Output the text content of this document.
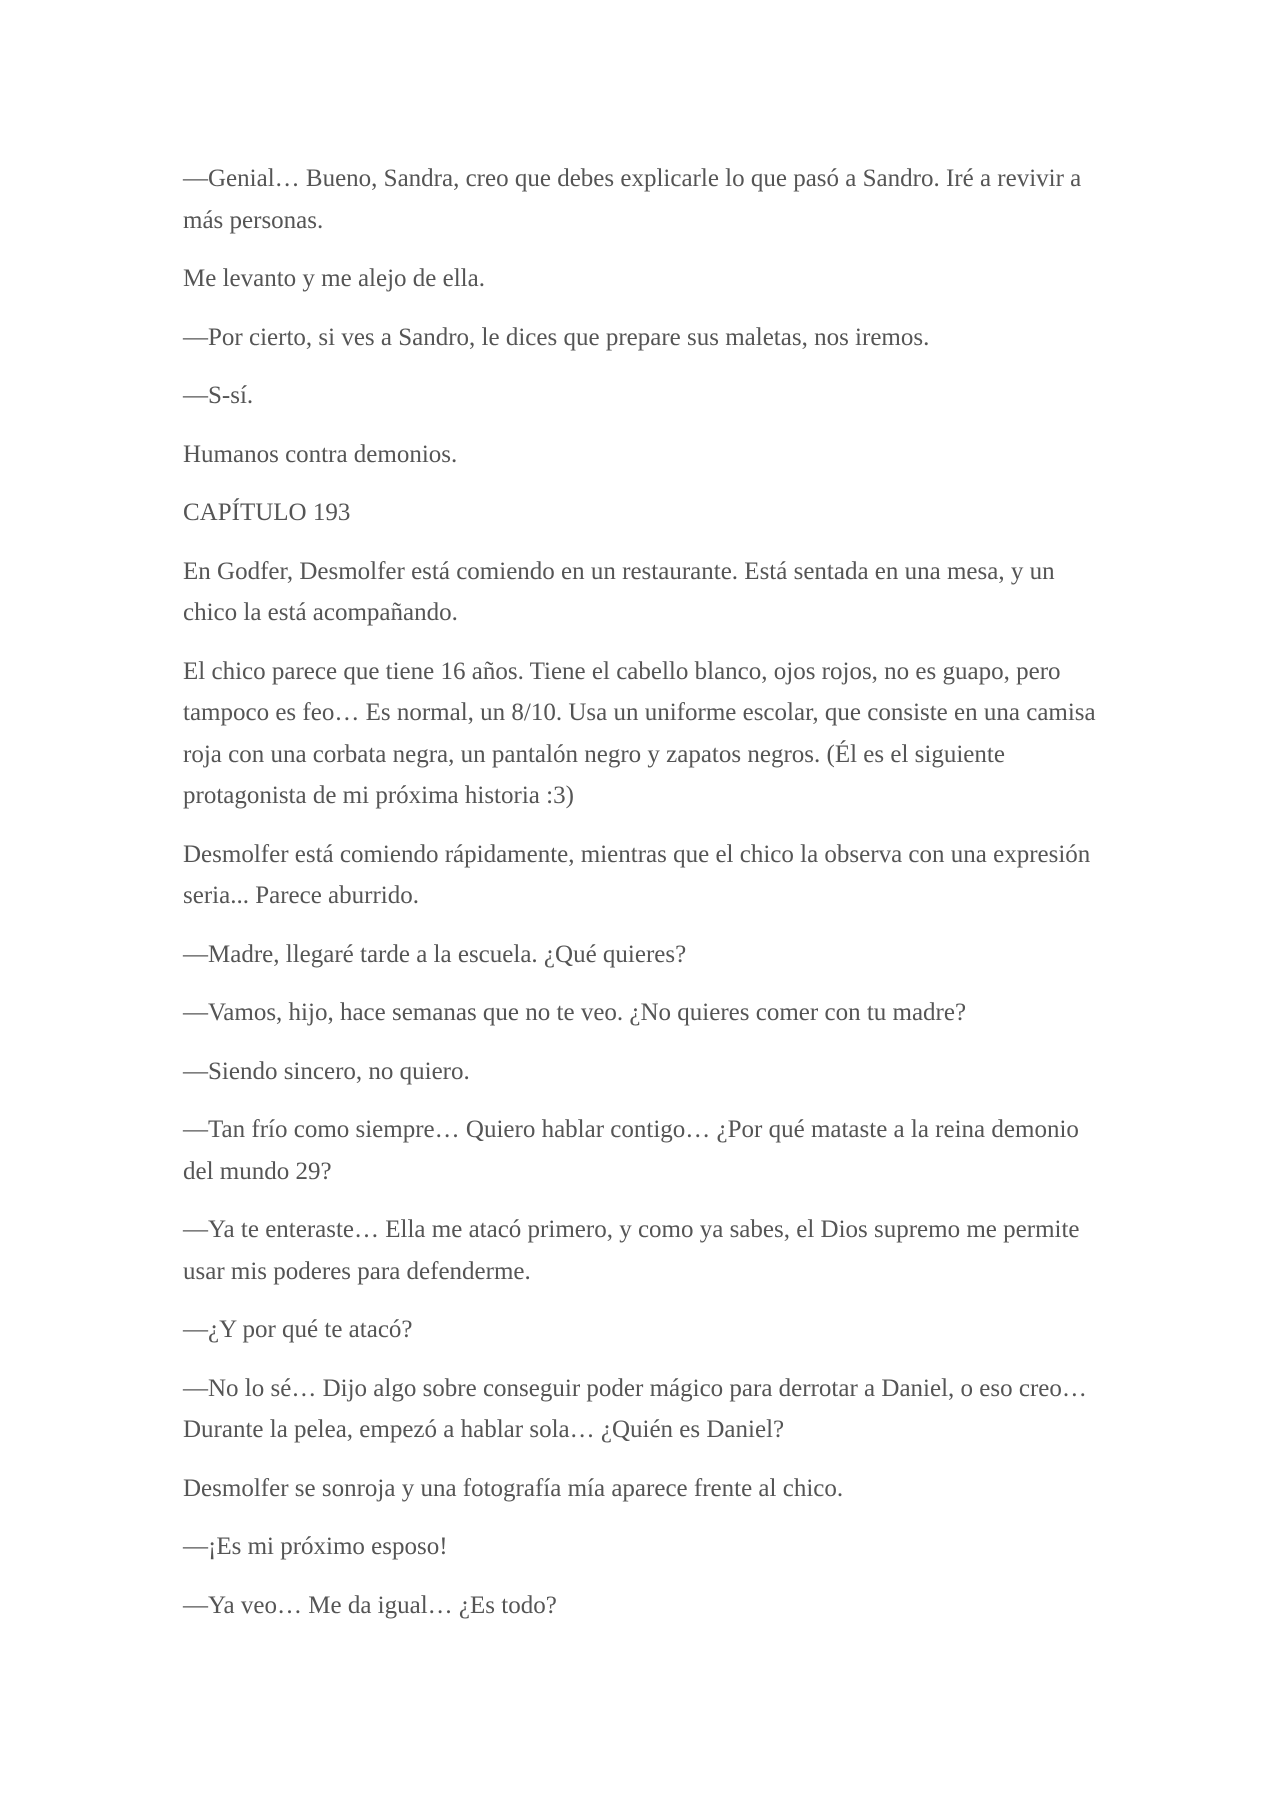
—Genial… Bueno, Sandra, creo que debes explicarle lo que pasó a Sandro. Iré a revivir a más personas.

Me levanto y me alejo de ella.

—Por cierto, si ves a Sandro, le dices que prepare sus maletas, nos iremos.

—S-sí.

Humanos contra demonios.

CAPÍTULO 193

En Godfer, Desmolfer está comiendo en un restaurante. Está sentada en una mesa, y un chico la está acompañando.

El chico parece que tiene 16 años. Tiene el cabello blanco, ojos rojos, no es guapo, pero tampoco es feo… Es normal, un 8/10. Usa un uniforme escolar, que consiste en una camisa roja con una corbata negra, un pantalón negro y zapatos negros. (Él es el siguiente protagonista de mi próxima historia :3)

Desmolfer está comiendo rápidamente, mientras que el chico la observa con una expresión seria... Parece aburrido.

—Madre, llegaré tarde a la escuela. ¿Qué quieres?

—Vamos, hijo, hace semanas que no te veo. ¿No quieres comer con tu madre?

—Siendo sincero, no quiero.

—Tan frío como siempre… Quiero hablar contigo… ¿Por qué mataste a la reina demonio del mundo 29?

—Ya te enteraste… Ella me atacó primero, y como ya sabes, el Dios supremo me permite usar mis poderes para defenderme.

—¿Y por qué te atacó?

—No lo sé… Dijo algo sobre conseguir poder mágico para derrotar a Daniel, o eso creo… Durante la pelea, empezó a hablar sola… ¿Quién es Daniel?

Desmolfer se sonroja y una fotografía mía aparece frente al chico.

—¡Es mi próximo esposo!

—Ya veo… Me da igual… ¿Es todo?
